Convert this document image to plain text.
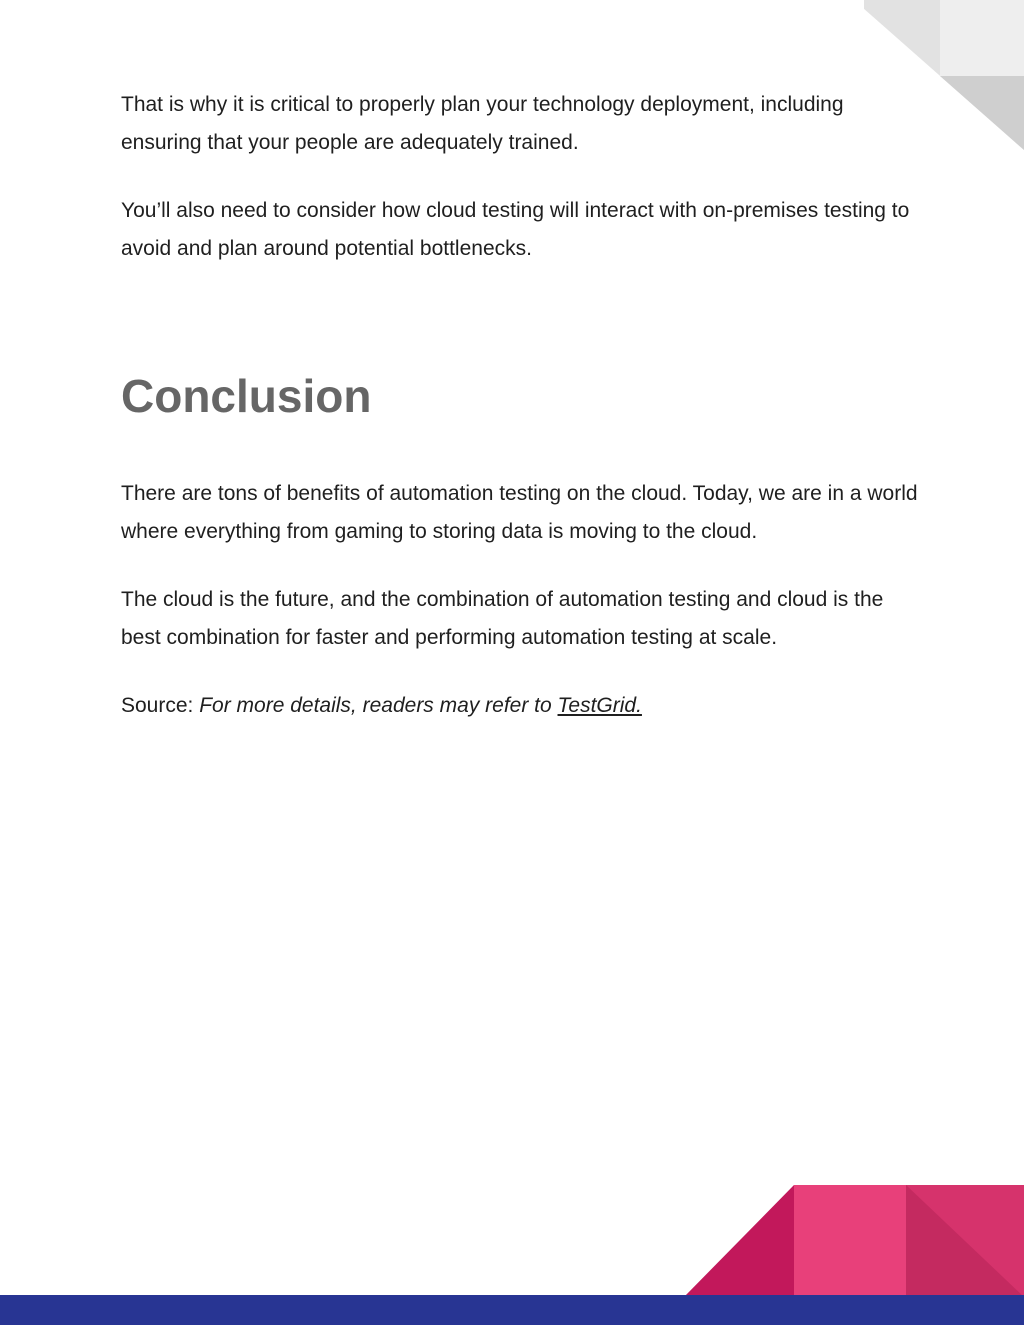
That is why it is critical to properly plan your technology deployment, including ensuring that your people are adequately trained.

You’ll also need to consider how cloud testing will interact with on-premises testing to avoid and plan around potential bottlenecks.

Conclusion

There are tons of benefits of automation testing on the cloud. Today, we are in a world where everything from gaming to storing data is moving to the cloud.

The cloud is the future, and the combination of automation testing and cloud is the best combination for faster and performing automation testing at scale.

Source: For more details, readers may refer to TestGrid.
